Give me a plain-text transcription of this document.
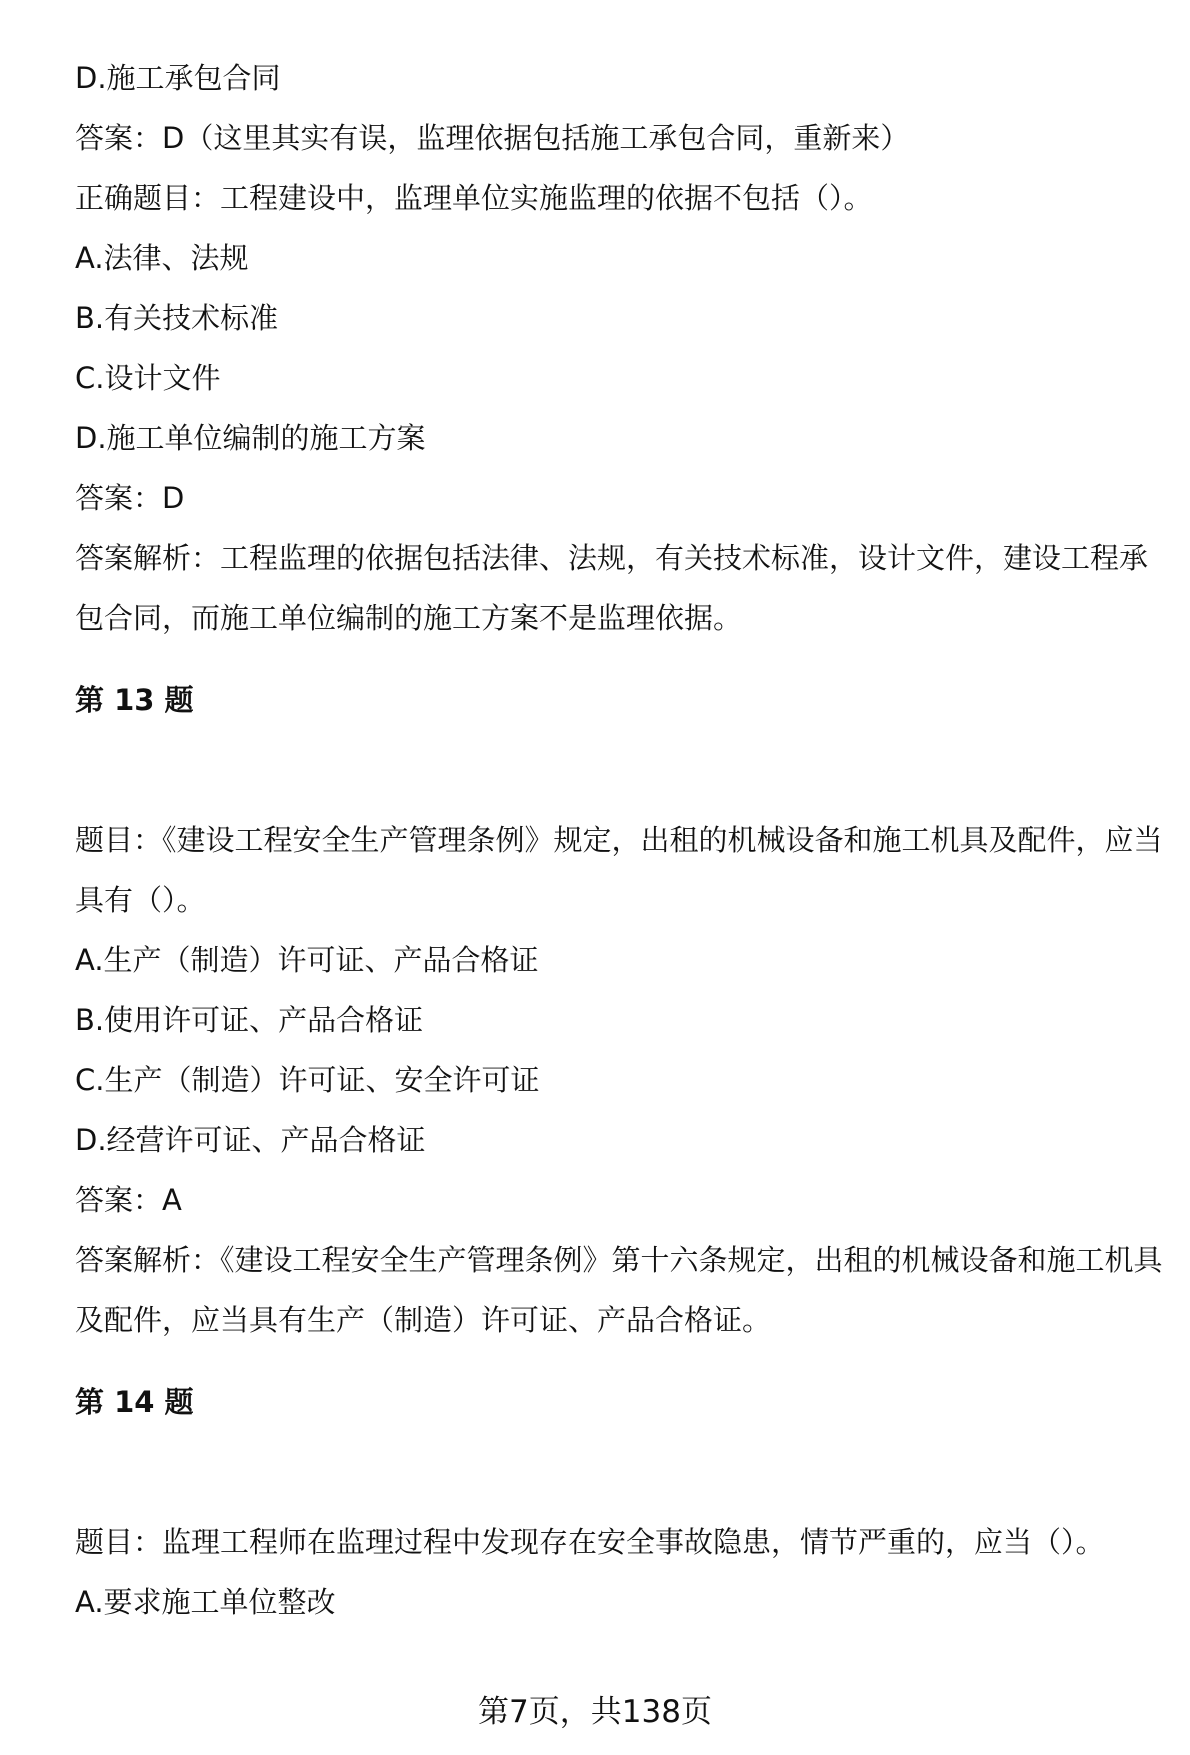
D.施工承包合同
答案：D（这里其实有误，监理依据包括施工承包合同，重新来）
正确题目：工程建设中，监理单位实施监理的依据不包括（）。
A.法律、法规
B.有关技术标准
C.设计文件
D.施工单位编制的施工方案
答案：D
答案解析：工程监理的依据包括法律、法规，有关技术标准，设计文件，建设工程承包合同，而施工单位编制的施工方案不是监理依据。
第 13 题
题目：《建设工程安全生产管理条例》规定，出租的机械设备和施工机具及配件，应当具有（）。
A.生产（制造）许可证、产品合格证
B.使用许可证、产品合格证
C.生产（制造）许可证、安全许可证
D.经营许可证、产品合格证
答案：A
答案解析：《建设工程安全生产管理条例》第十六条规定，出租的机械设备和施工机具及配件，应当具有生产（制造）许可证、产品合格证。
第 14 题
题目：监理工程师在监理过程中发现存在安全事故隐患，情节严重的，应当（）。
A.要求施工单位整改
第7页，共138页
